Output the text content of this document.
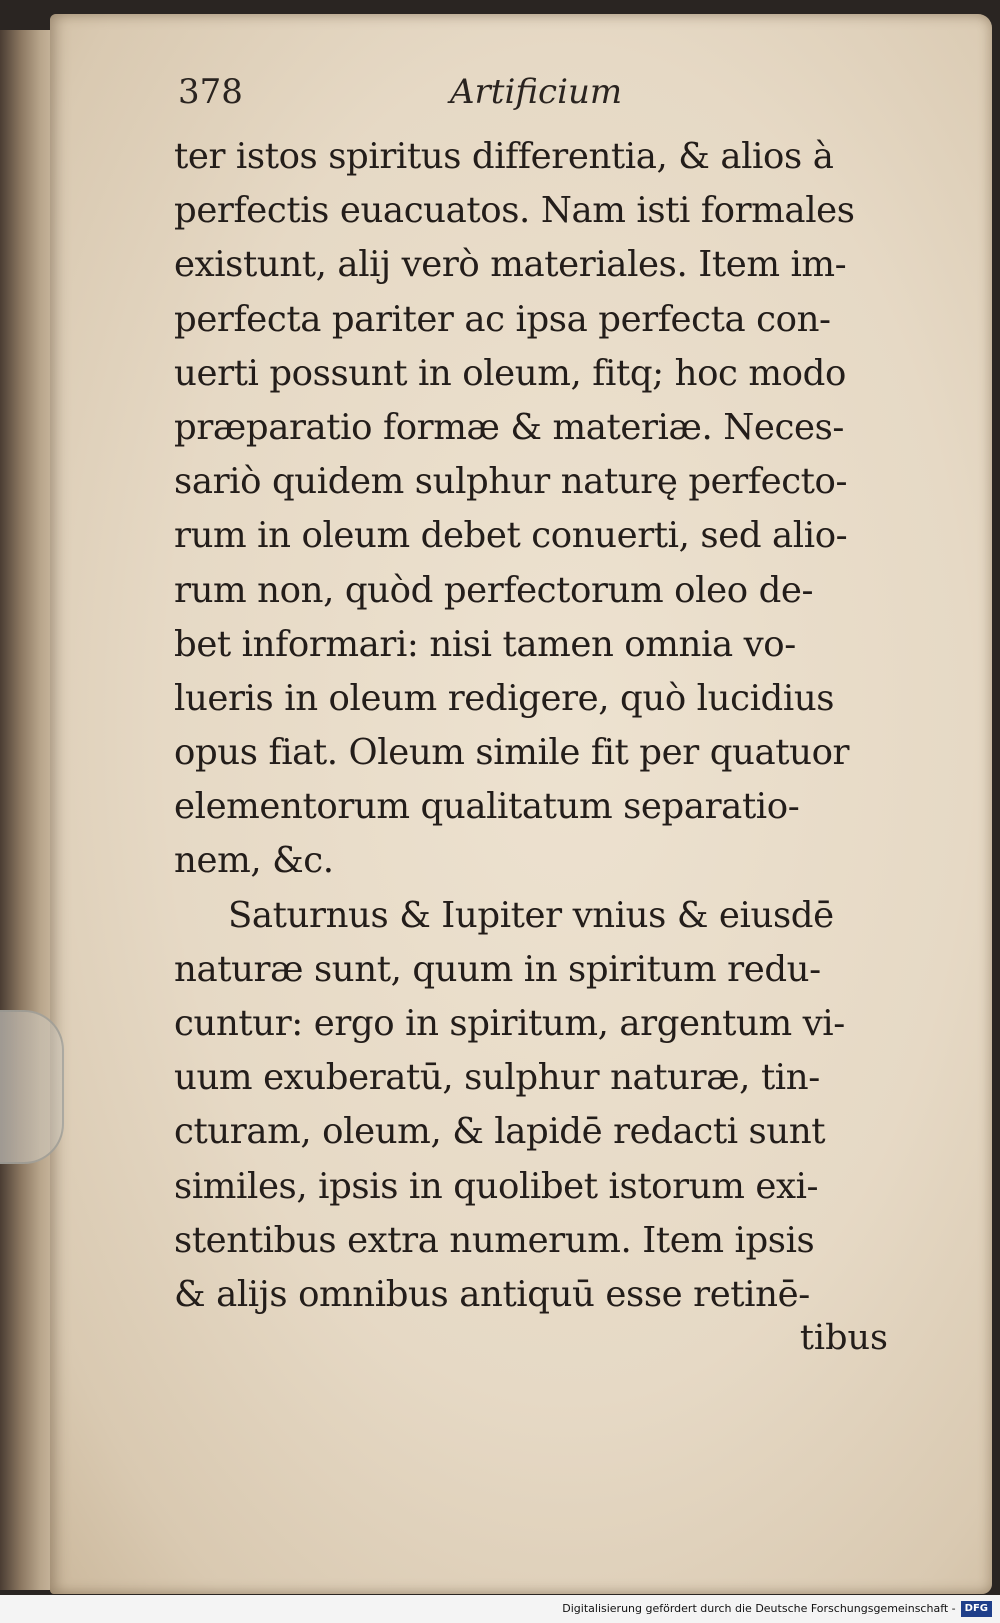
378	Artificium
ter istos spiritus differentia, & alios à
perfectis euacuatos. Nam isti formales
existunt, alij verò materiales. Item im-
perfecta pariter ac ipsa perfecta con-
uerti possunt in oleum, fitq; hoc modo
præparatio formæ & materiæ. Neces-
sariò quidem sulphur naturę perfecto-
rum in oleum debet conuerti, sed alio-
rum non, quòd perfectorum oleo de-
bet informari: nisi tamen omnia vo-
lueris in oleum redigere, quò lucidius
opus fiat. Oleum simile fit per quatuor
elementorum qualitatum separatio-
nem, &c.
Saturnus & Iupiter vnius & eiusdē
naturæ sunt, quum in spiritum redu-
cuntur: ergo in spiritum, argentum vi-
uum exuberatū, sulphur naturæ, tin-
cturam, oleum, & lapidē redacti sunt
similes, ipsis in quolibet istorum exi-
stentibus extra numerum. Item ipsis
& alijs omnibus antiquū esse retinē-
tibus
Digitalisierung gefördert durch die Deutsche Forschungsgemeinschaft - DFG
